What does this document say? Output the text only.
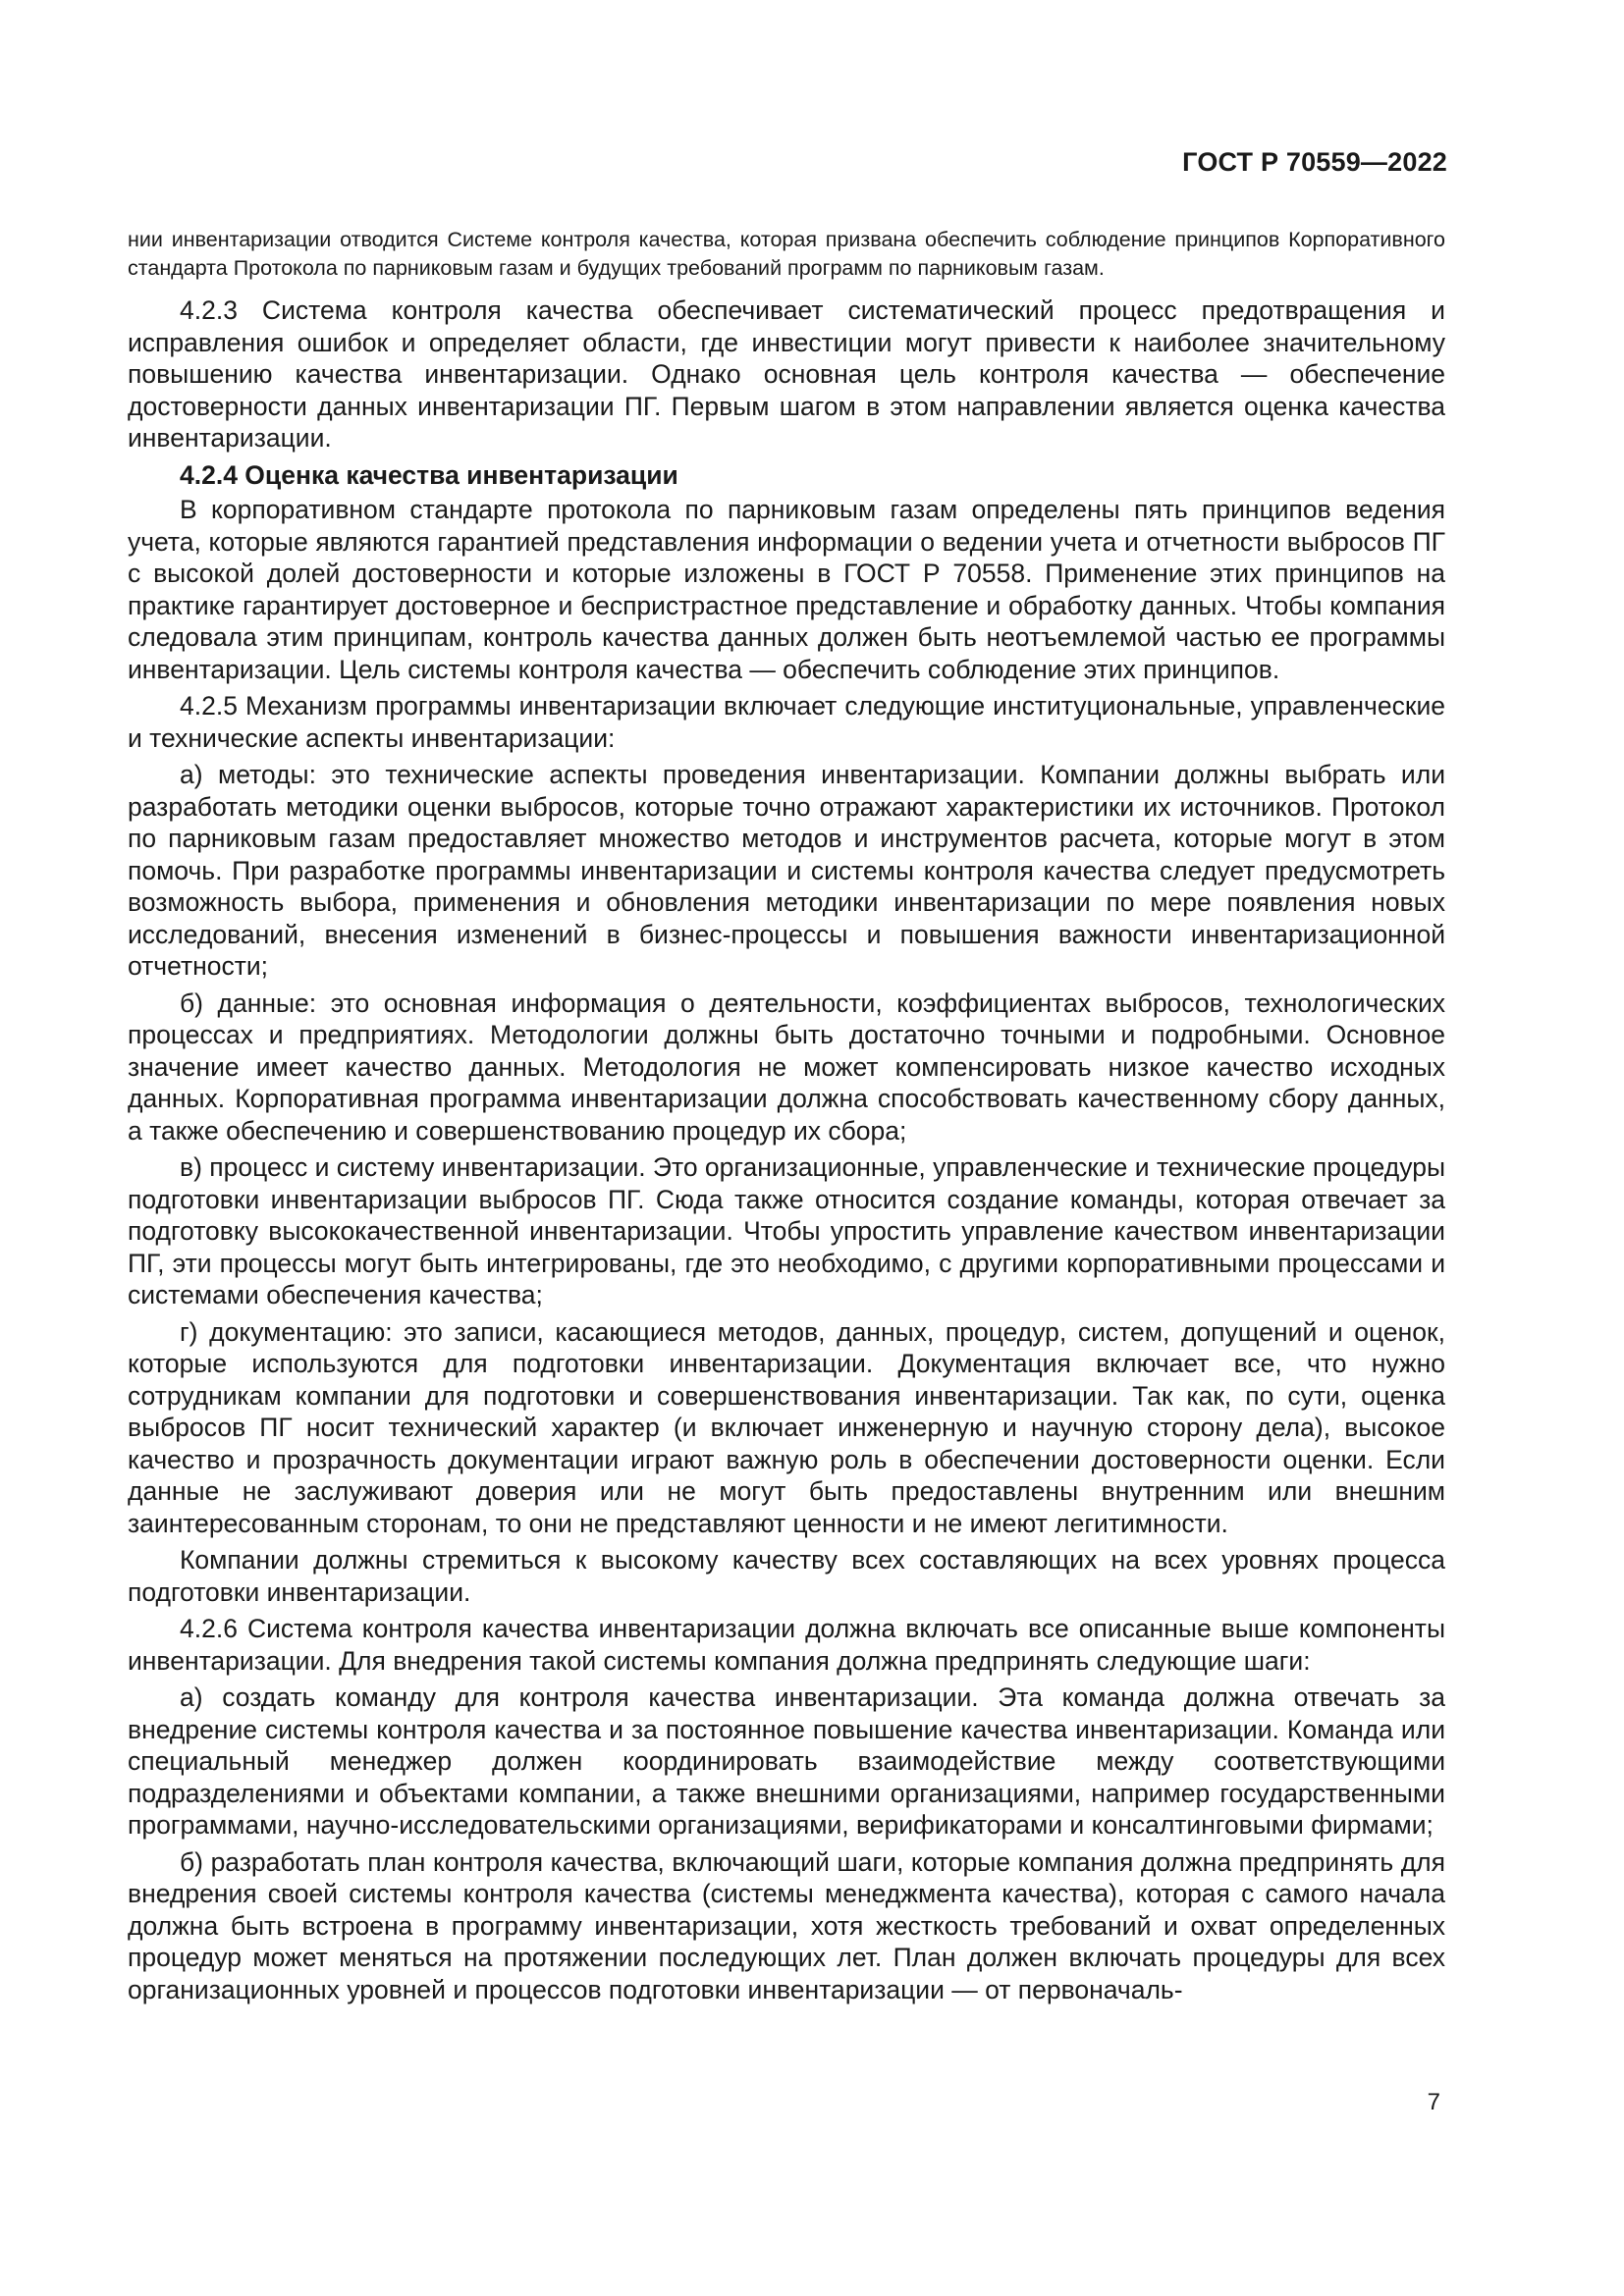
ГОСТ Р 70559—2022

нии инвентаризации отводится Системе контроля качества, которая призвана обеспечить соблюдение принципов Корпоративного стандарта Протокола по парниковым газам и будущих требований программ по парниковым газам.

4.2.3 Система контроля качества обеспечивает систематический процесс предотвращения и исправления ошибок и определяет области, где инвестиции могут привести к наиболее значительному повышению качества инвентаризации. Однако основная цель контроля качества — обеспечение достоверности данных инвентаризации ПГ. Первым шагом в этом направлении является оценка качества инвентаризации.

4.2.4 Оценка качества инвентаризации

В корпоративном стандарте протокола по парниковым газам определены пять принципов ведения учета, которые являются гарантией представления информации о ведении учета и отчетности выбросов ПГ с высокой долей достоверности и которые изложены в ГОСТ Р 70558. Применение этих принципов на практике гарантирует достоверное и беспристрастное представление и обработку данных. Чтобы компания следовала этим принципам, контроль качества данных должен быть неотъемлемой частью ее программы инвентаризации. Цель системы контроля качества — обеспечить соблюдение этих принципов.

4.2.5 Механизм программы инвентаризации включает следующие институциональные, управленческие и технические аспекты инвентаризации:

а) методы: это технические аспекты проведения инвентаризации. Компании должны выбрать или разработать методики оценки выбросов, которые точно отражают характеристики их источников. Протокол по парниковым газам предоставляет множество методов и инструментов расчета, которые могут в этом помочь. При разработке программы инвентаризации и системы контроля качества следует предусмотреть возможность выбора, применения и обновления методики инвентаризации по мере появления новых исследований, внесения изменений в бизнес-процессы и повышения важности инвентаризационной отчетности;

б) данные: это основная информация о деятельности, коэффициентах выбросов, технологических процессах и предприятиях. Методологии должны быть достаточно точными и подробными. Основное значение имеет качество данных. Методология не может компенсировать низкое качество исходных данных. Корпоративная программа инвентаризации должна способствовать качественному сбору данных, а также обеспечению и совершенствованию процедур их сбора;

в) процесс и систему инвентаризации. Это организационные, управленческие и технические процедуры подготовки инвентаризации выбросов ПГ. Сюда также относится создание команды, которая отвечает за подготовку высококачественной инвентаризации. Чтобы упростить управление качеством инвентаризации ПГ, эти процессы могут быть интегрированы, где это необходимо, с другими корпоративными процессами и системами обеспечения качества;

г) документацию: это записи, касающиеся методов, данных, процедур, систем, допущений и оценок, которые используются для подготовки инвентаризации. Документация включает все, что нужно сотрудникам компании для подготовки и совершенствования инвентаризации. Так как, по сути, оценка выбросов ПГ носит технический характер (и включает инженерную и научную сторону дела), высокое качество и прозрачность документации играют важную роль в обеспечении достоверности оценки. Если данные не заслуживают доверия или не могут быть предоставлены внутренним или внешним заинтересованным сторонам, то они не представляют ценности и не имеют легитимности.

Компании должны стремиться к высокому качеству всех составляющих на всех уровнях процесса подготовки инвентаризации.

4.2.6 Система контроля качества инвентаризации должна включать все описанные выше компоненты инвентаризации. Для внедрения такой системы компания должна предпринять следующие шаги:

а) создать команду для контроля качества инвентаризации. Эта команда должна отвечать за внедрение системы контроля качества и за постоянное повышение качества инвентаризации. Команда или специальный менеджер должен координировать взаимодействие между соответствующими подразделениями и объектами компании, а также внешними организациями, например государственными программами, научно-исследовательскими организациями, верификаторами и консалтинговыми фирмами;

б) разработать план контроля качества, включающий шаги, которые компания должна предпринять для внедрения своей системы контроля качества (системы менеджмента качества), которая с самого начала должна быть встроена в программу инвентаризации, хотя жесткость требований и охват определенных процедур может меняться на протяжении последующих лет. План должен включать процедуры для всех организационных уровней и процессов подготовки инвентаризации — от первоначаль-

7
